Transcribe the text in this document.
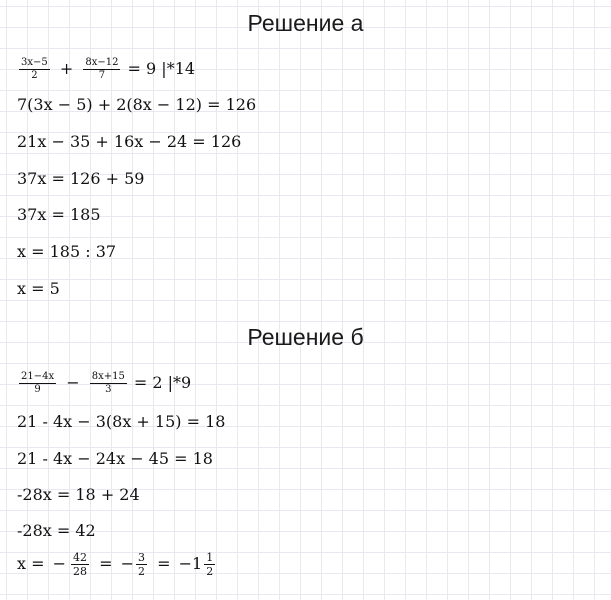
Решение а
$\frac{3x-5}{2} + \frac{8x-12}{7} = 9$ |*14
7(3x − 5) + 2(8x − 12) = 126
21x − 35 + 16x − 24 = 126
37x = 126 + 59
37x = 185
x = 185 : 37
x = 5
Решение б
$\frac{21-4x}{9} - \frac{8x+15}{3} = 2$ |*9
21 - 4x − 3(8x + 15) = 18
21 - 4x − 24x − 45 = 18
-28x = 18 + 24
-28x = 42
x = − $\frac{42}{28}$ = − $\frac{3}{2} = -1 \frac{1}{2}$
